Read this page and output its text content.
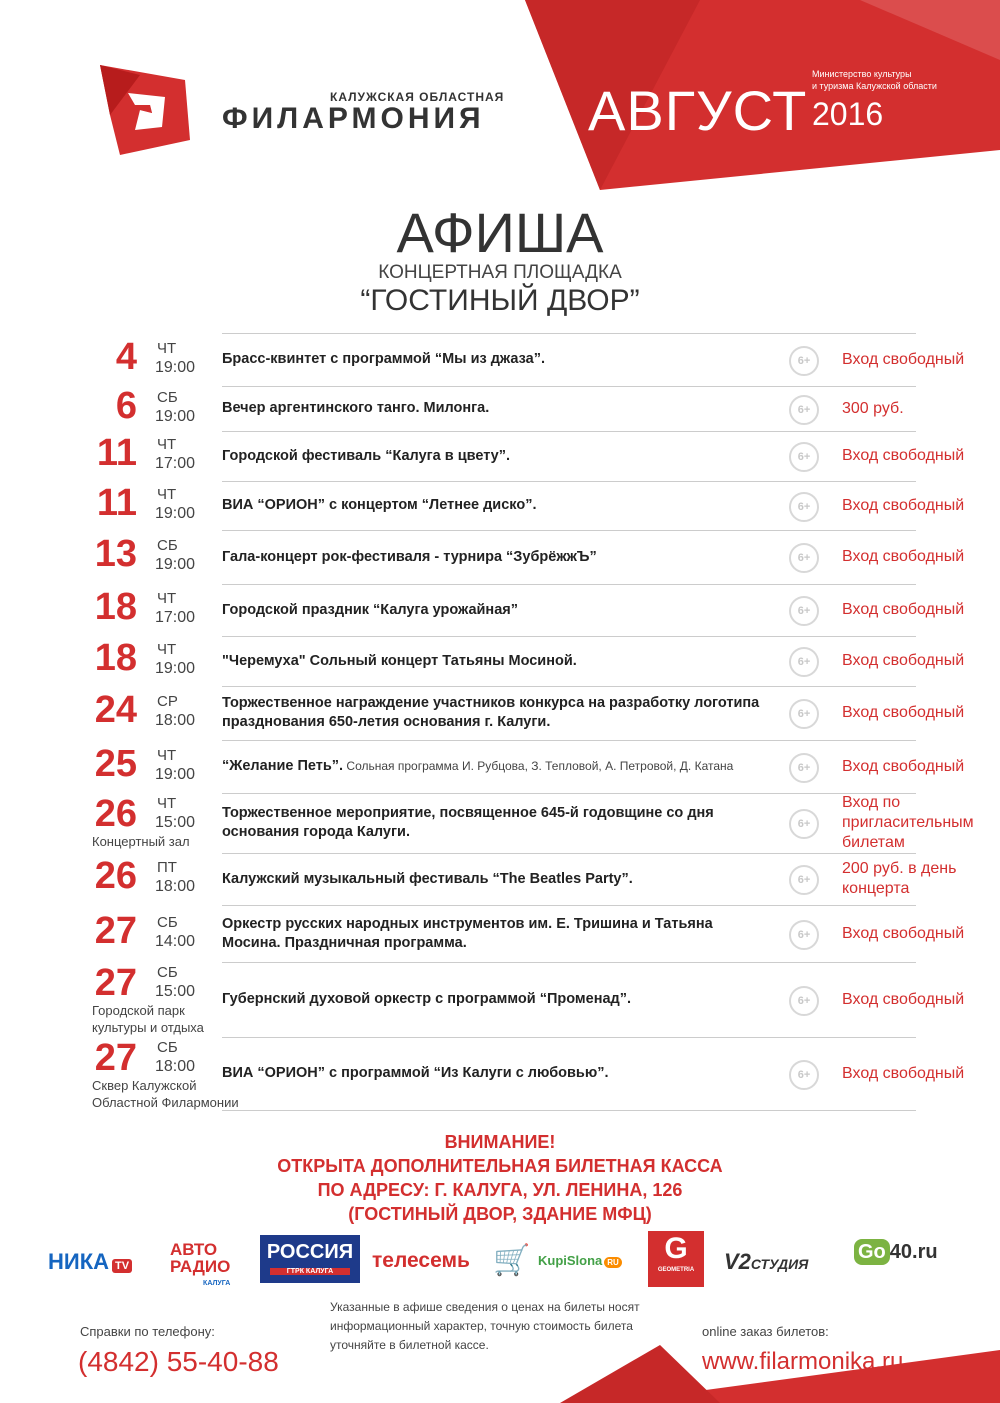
КАЛУЖСКАЯ ОБЛАСТНАЯ
ФИЛАРМОНИЯ АВГУСТ
Министерство культуры
и туризма Калужской области
2016
АФИША
КОНЦЕРТНАЯ ПЛОЩАДКА
“ГОСТИНЫЙ ДВОР”
4 ЧТ
19:00 Брасс-квинтет с программой “Мы из джаза”.	6+	Вход свободный
6 СБ
19:00 Вечер аргентинского танго. Милонга.	6+	300 руб.
11 ЧТ
17:00 Городской фестиваль “Калуга в цвету”.	6+	Вход свободный
11 ЧТ
19:00 ВИА “ОРИОН” с концертом “Летнее диско”.	6+	Вход свободный
13 СБ
19:00 Гала-концерт рок-фестиваля - турнира “ЗубрёжжЪ”	6+	Вход свободный
18 ЧТ
17:00 Городской праздник “Калуга урожайная”	6+	Вход свободный
18 ЧТ
19:00 "Черемуха" Сольный концерт Татьяны Мосиной.	6+	Вход свободный
24 СР
18:00
Торжественное награждение участников конкурса на разработку логотипа празднования 650-летия основания г. Калуги.	6+	Вход свободный
25 ЧТ
19:00 “Желание Петь”. Сольная программа И. Рубцова, З. Тепловой, А. Петровой, Д. Катана	6+	Вход свободный
26 ЧТ
15:00
Концертный зал
Торжественное мероприятие, посвященное 645-й годовщине со дня основания города Калуги.	6+
Вход по пригласительным билетам
26 ПТ
18:00 Калужский музыкальный фестиваль “The Beatles Party”.	6+
200 руб. в день концерта
27 СБ
14:00
Оркестр русских народных инструментов им. Е. Тришина и Татьяна Мосина. Праздничная программа.	6+	Вход свободный
27 СБ
15:00
Городской парк культуры и отдыха
Губернский духовой оркестр с программой “Променад”.	6+	Вход свободный
27 СБ
18:00
Сквер Калужской Областной Филармонии
ВИА “ОРИОН” с программой “Из Калуги с любовью”.	6+	Вход свободный
ВНИМАНИЕ!
ОТКРЫТА ДОПОЛНИТЕЛЬНАЯ БИЛЕТНАЯ КАССА
ПО АДРЕСУ: Г. КАЛУГА, УЛ. ЛЕНИНА, 126
(ГОСТИНЫЙ ДВОР, ЗДАНИЕ МФЦ)
НИКА TV
АВТО
РАДИО
КАЛУГА
РОССИЯ
ГТРК КАЛУГА	телесемь 🛒 KupiSlona RU	G
GEOMETRIA	V2СТУДИЯ
Go 40.ru
Указанные в афише сведения о ценах на билеты носят информационный характер, точную стоимость билета уточняйте в билетной кассе.
Справки по телефону:
(4842) 55-40-88
online заказ билетов:
www.filarmonika.ru
